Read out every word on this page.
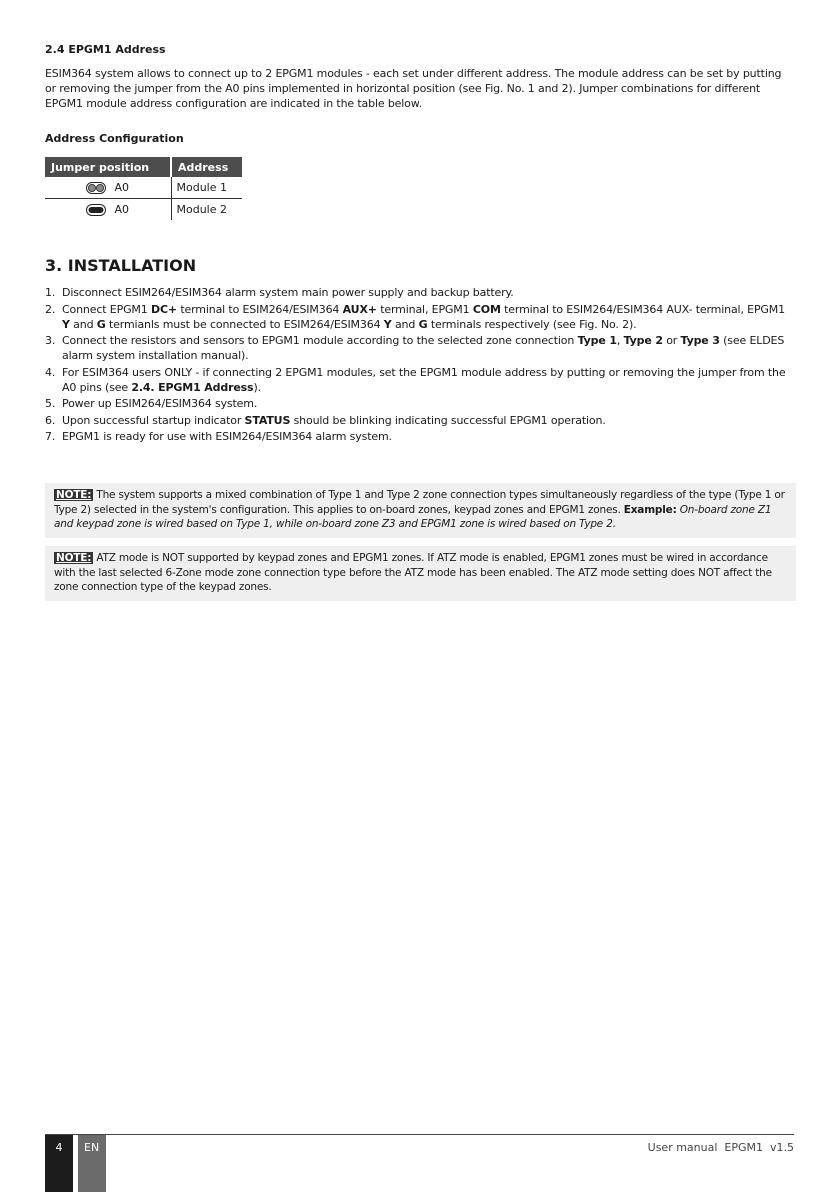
2.4 EPGM1 Address

ESIM364 system allows to connect up to 2 EPGM1 modules - each set under different address. The module address can be set by putting or removing the jumper from the A0 pins implemented in horizontal position (see Fig. No. 1 and 2). Jumper combinations for different EPGM1 module address configuration are indicated in the table below.

Address Configuration
Jumper position	Address

A0	Module 1

A0	Module 2
3. INSTALLATION
1. Disconnect ESIM264/ESIM364 alarm system main power supply and backup battery.
2. Connect EPGM1 DC+ terminal to ESIM264/ESIM364 AUX+ terminal, EPGM1 COM terminal to ESIM264/ESIM364 AUX- terminal, EPGM1 Y and G termianls must be connected to ESIM264/ESIM364 Y and G terminals respectively (see Fig. No. 2).
3. Connect the resistors and sensors to EPGM1 module according to the selected zone connection Type 1, Type 2 or Type 3 (see ELDES alarm system installation manual).
4. For ESIM364 users ONLY - if connecting 2 EPGM1 modules, set the EPGM1 module address by putting or removing the jumper from the A0 pins (see 2.4. EPGM1 Address).
5. Power up ESIM264/ESIM364 system.
6. Upon successful startup indicator STATUS should be blinking indicating successful EPGM1 operation.
7. EPGM1 is ready for use with ESIM264/ESIM364 alarm system.
NOTE: The system supports a mixed combination of Type 1 and Type 2 zone connection types simultaneously regardless of the type (Type 1 or Type 2) selected in the system's configuration. This applies to on-board zones, keypad zones and EPGM1 zones. Example: On-board zone Z1 and keypad zone is wired based on Type 1, while on-board zone Z3 and EPGM1 zone is wired based on Type 2.
NOTE: ATZ mode is NOT supported by keypad zones and EPGM1 zones. If ATZ mode is enabled, EPGM1 zones must be wired in accordance with the last selected 6-Zone mode zone connection type before the ATZ mode has been enabled. The ATZ mode setting does NOT affect the zone connection type of the keypad zones.
4	EN	User manual  EPGM1  v1.5
